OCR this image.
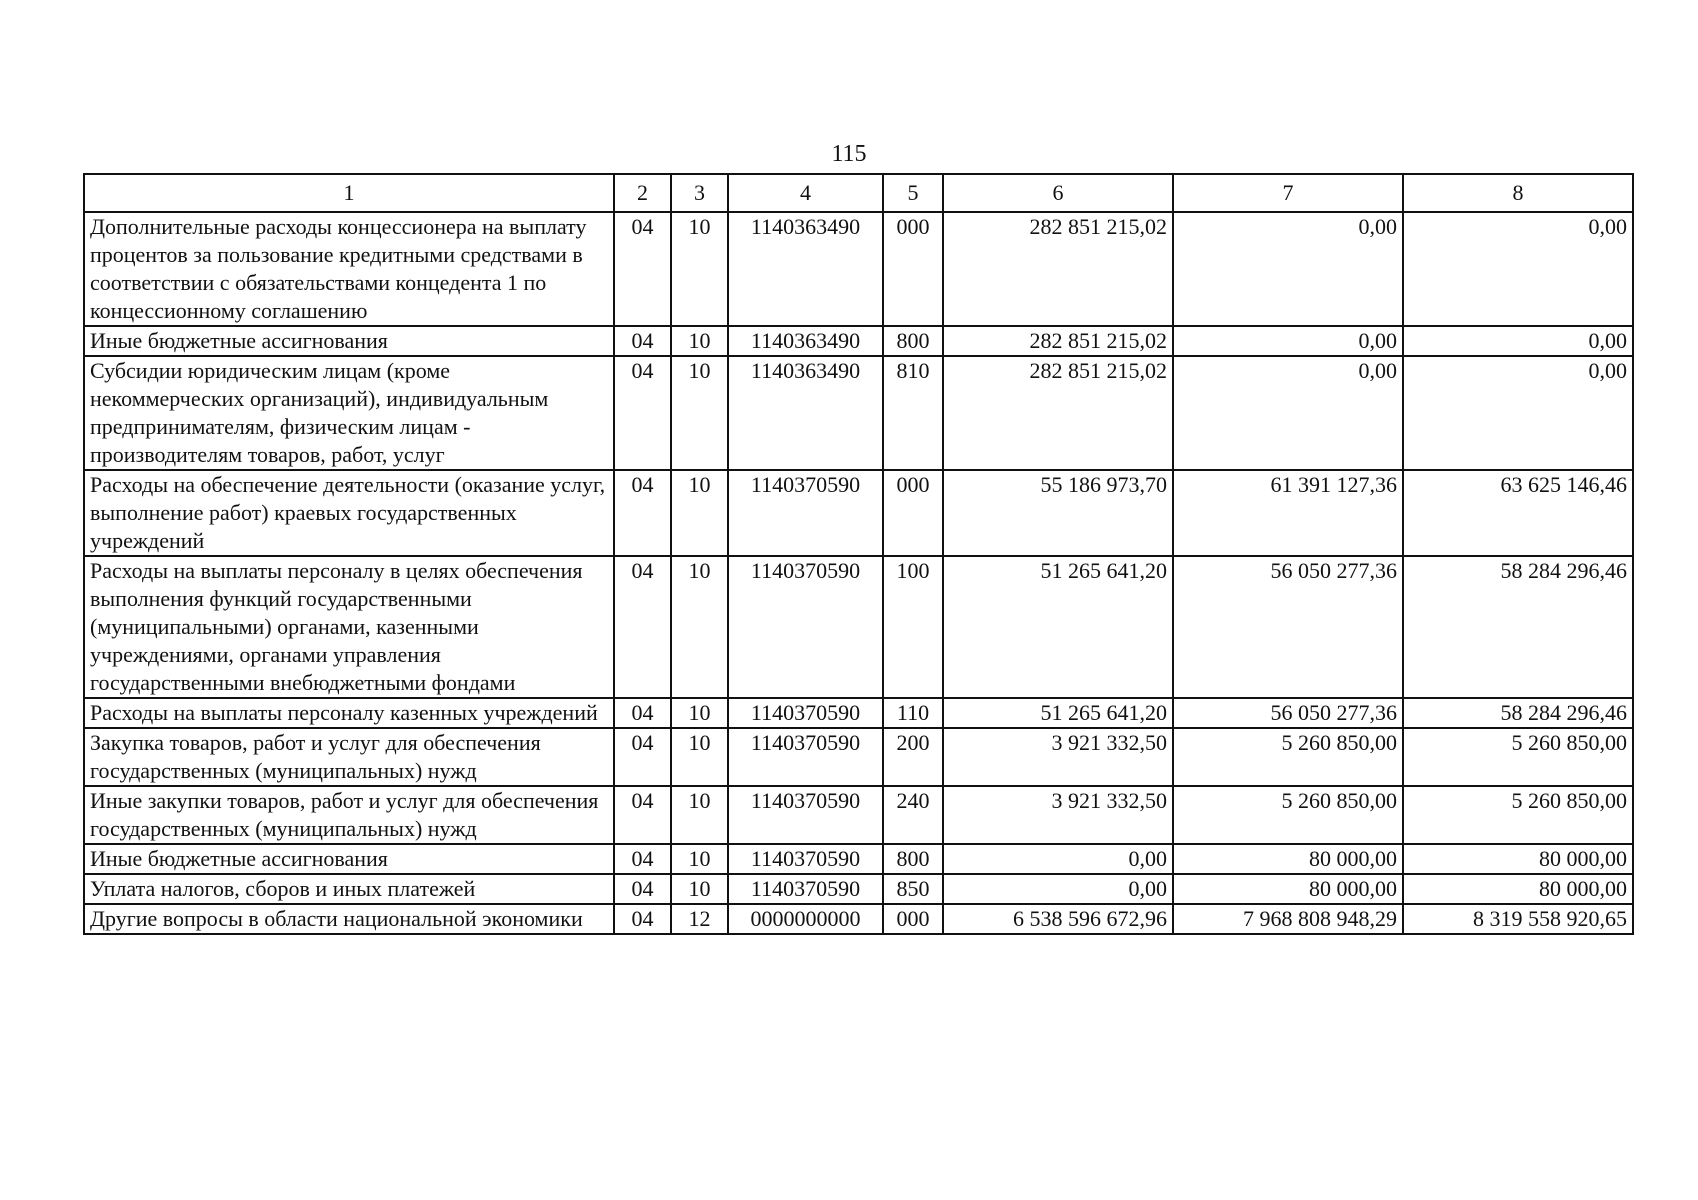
115
1	2	3	4	5	6	7	8
Дополнительные расходы концессионера на выплату процентов за пользование кредитными средствами в соответствии с обязательствами концедента 1 по концессионному соглашению	04	10	1140363490	000	282 851 215,02	0,00	0,00
Иные бюджетные ассигнования	04	10	1140363490	800	282 851 215,02	0,00	0,00
Субсидии юридическим лицам (кроме некоммерческих организаций), индивидуальным предпринимателям, физическим лицам - производителям товаров, работ, услуг	04	10	1140363490	810	282 851 215,02	0,00	0,00
Расходы на обеспечение деятельности (оказание услуг, выполнение работ) краевых государственных учреждений	04	10	1140370590	000	55 186 973,70	61 391 127,36	63 625 146,46
Расходы на выплаты персоналу в целях обеспечения выполнения функций государственными (муниципальными) органами, казенными учреждениями, органами управления государственными внебюджетными фондами	04	10	1140370590	100	51 265 641,20	56 050 277,36	58 284 296,46
Расходы на выплаты персоналу казенных учреждений	04	10	1140370590	110	51 265 641,20	56 050 277,36	58 284 296,46
Закупка товаров, работ и услуг для обеспечения государственных (муниципальных) нужд	04	10	1140370590	200	3 921 332,50	5 260 850,00	5 260 850,00
Иные закупки товаров, работ и услуг для обеспечения государственных (муниципальных) нужд	04	10	1140370590	240	3 921 332,50	5 260 850,00	5 260 850,00
Иные бюджетные ассигнования	04	10	1140370590	800	0,00	80 000,00	80 000,00
Уплата налогов, сборов и иных платежей	04	10	1140370590	850	0,00	80 000,00	80 000,00
Другие вопросы в области национальной экономики	04	12	0000000000	000	6 538 596 672,96	7 968 808 948,29	8 319 558 920,65
